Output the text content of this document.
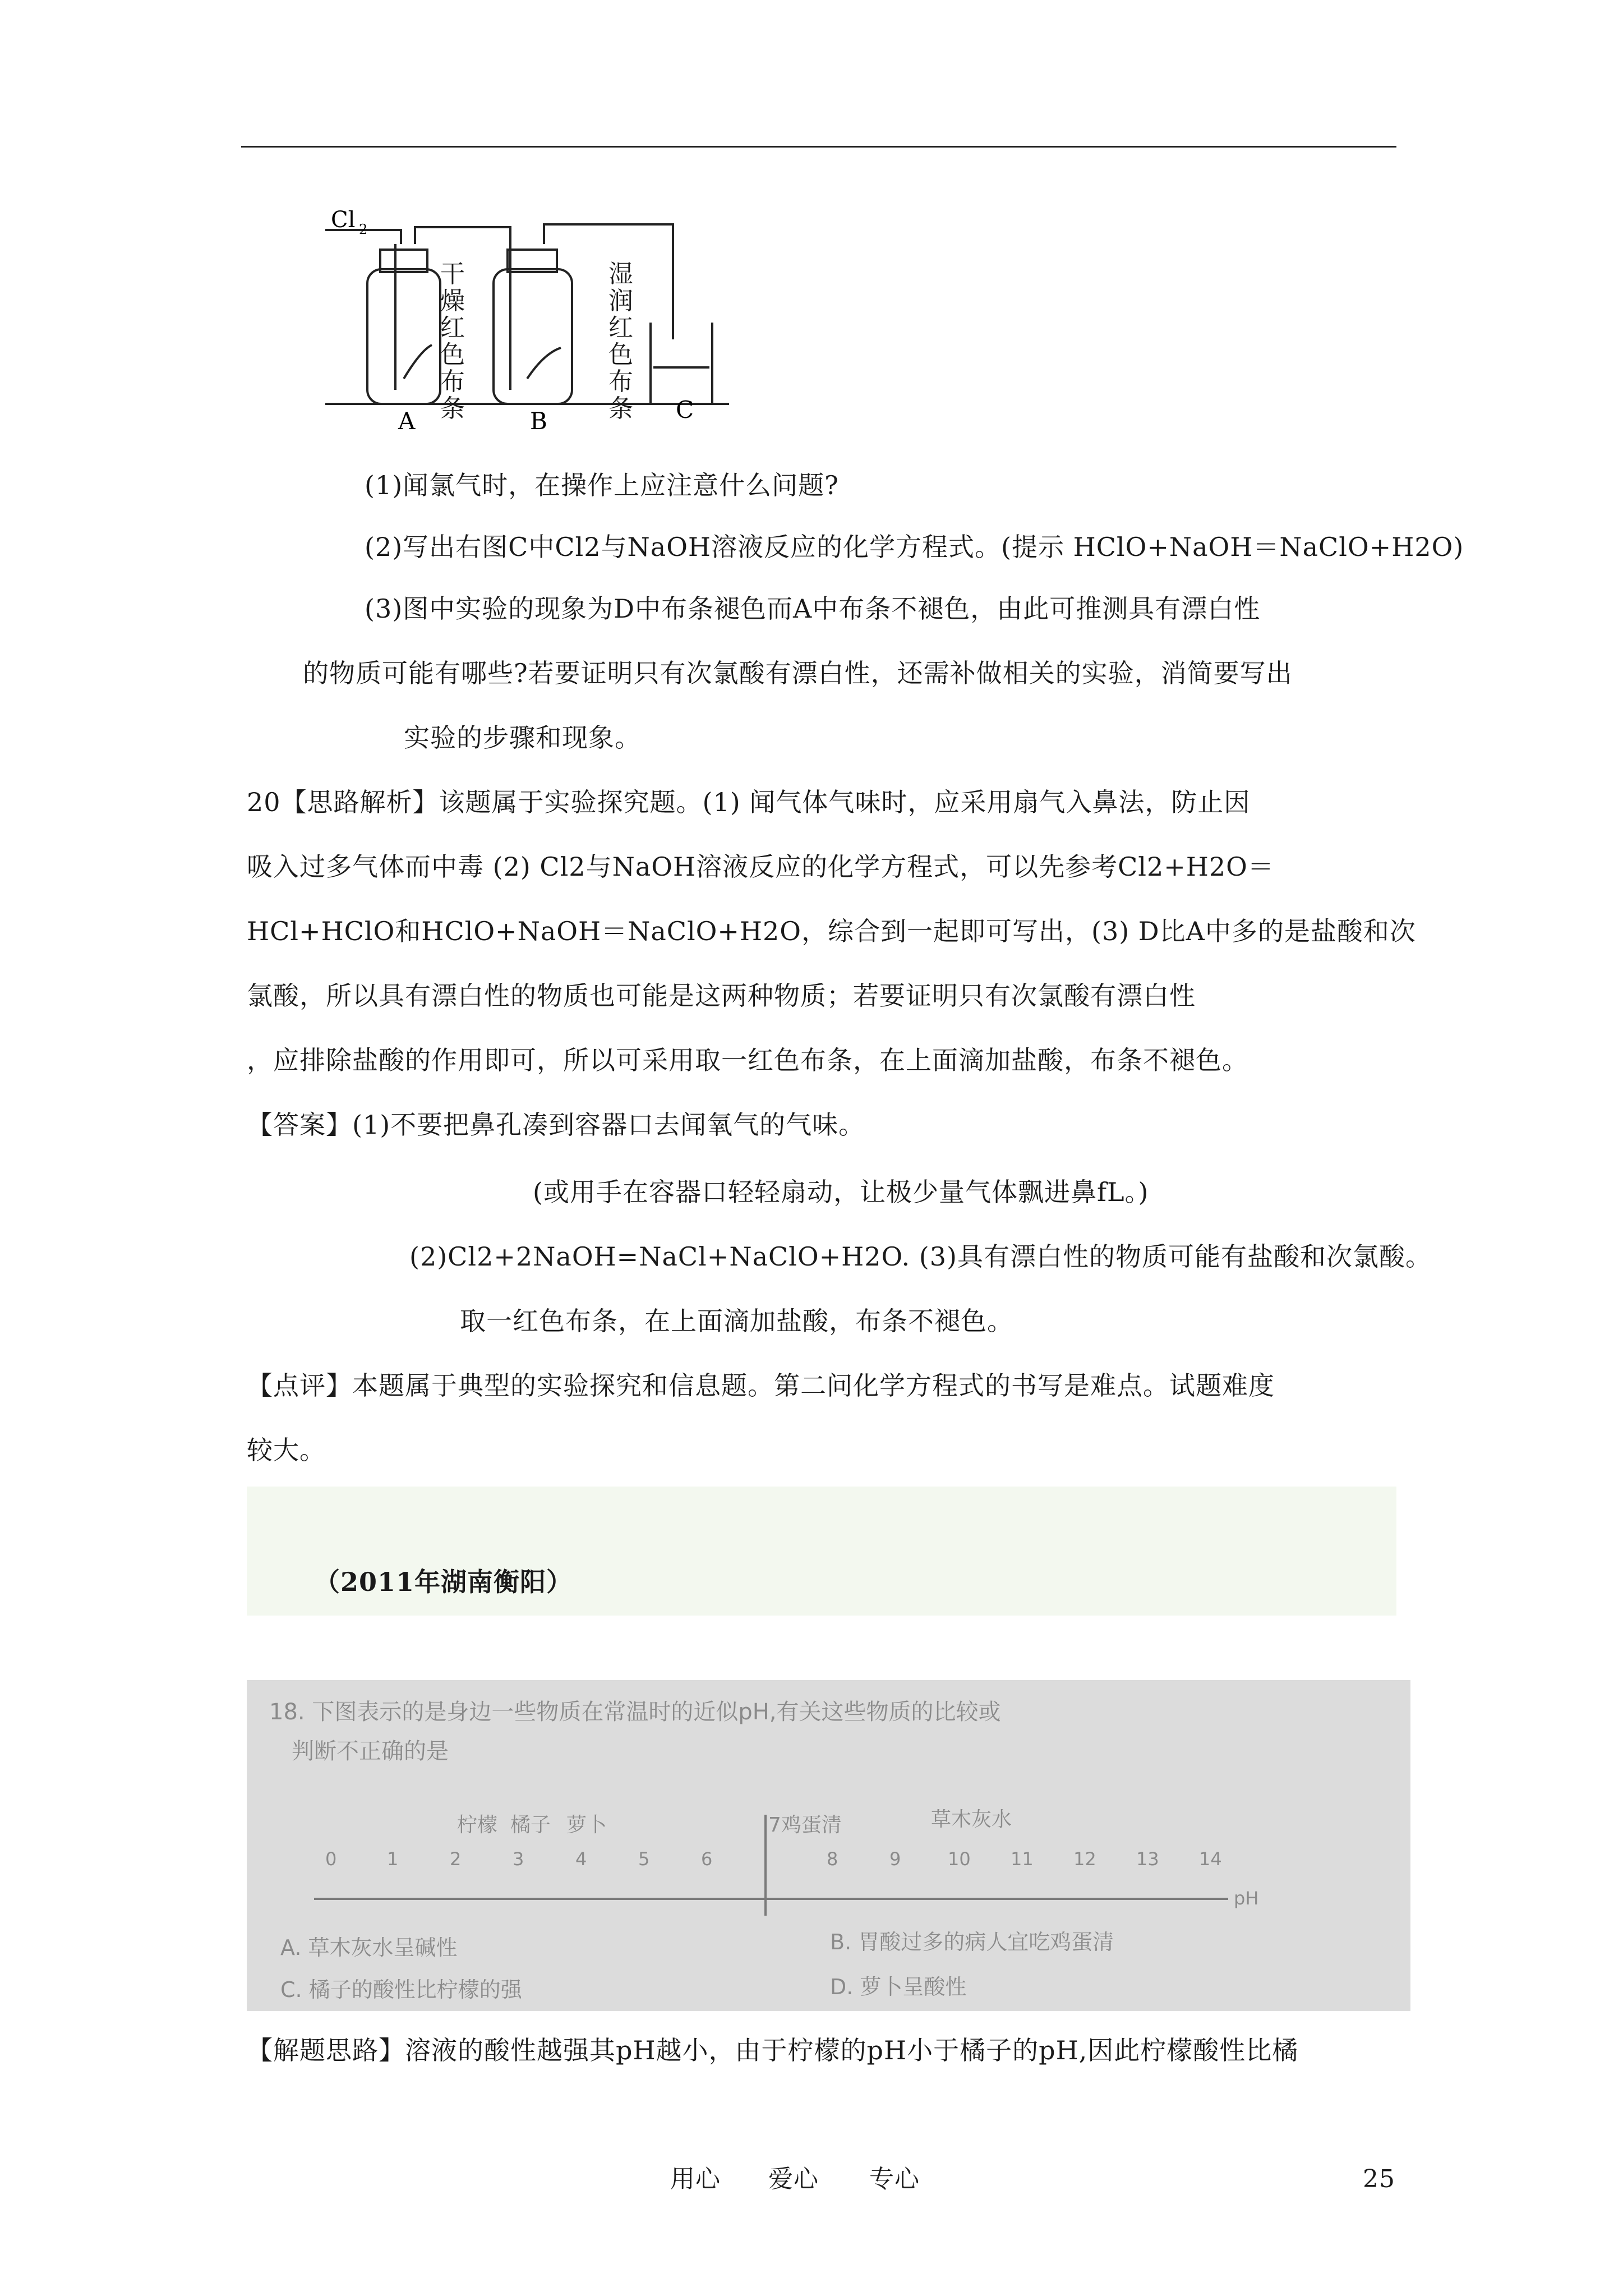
Cl 2
A	B	C
干燥红色布条
湿润红色布条
(1)闻氯气时，在操作上应注意什么问题?
(2)写出右图C中Cl2与NaOH溶液反应的化学方程式。(提示 HClO+NaOH＝NaClO+H2O)
(3)图中实验的现象为D中布条褪色而A中布条不褪色，由此可推测具有漂白性
的物质可能有哪些?若要证明只有次氯酸有漂白性，还需补做相关的实验，消简要写出
实验的步骤和现象。
20【思路解析】该题属于实验探究题。(1) 闻气体气味时，应采用扇气入鼻法，防止因
吸入过多气体而中毒 (2) Cl2与NaOH溶液反应的化学方程式，可以先参考Cl2+H2O＝
HCl+HClO和HClO+NaOH＝NaClO+H2O，综合到一起即可写出，(3) D比A中多的是盐酸和次
氯酸，所以具有漂白性的物质也可能是这两种物质；若要证明只有次氯酸有漂白性
，应排除盐酸的作用即可，所以可采用取一红色布条，在上面滴加盐酸，布条不褪色。
【答案】(1)不要把鼻孔凑到容器口去闻氧气的气味。
(或用手在容器口轻轻扇动，让极少量气体飘进鼻fL。)
(2)Cl2+2NaOH=NaCl+NaClO+H2O. (3)具有漂白性的物质可能有盐酸和次氯酸。
取一红色布条，在上面滴加盐酸，布条不褪色。
【点评】本题属于典型的实验探究和信息题。第二问化学方程式的书写是难点。试题难度
较大。
（2011年湖南衡阳）
18. 下图表示的是身边一些物质在常温时的近似pH,有关这些物质的比较或
判断不正确的是
柠檬 橘子 萝卜	7鸡蛋清	草木灰水
0	1	2	3	4	5	6	8	9	10 11 12 13 14
pH
A. 草木灰水呈碱性	B. 胃酸过多的病人宜吃鸡蛋清
C. 橘子的酸性比柠檬的强	D. 萝卜呈酸性
【解题思路】溶液的酸性越强其pH越小，由于柠檬的pH小于橘子的pH,因此柠檬酸性比橘
用心 爱心 专心	25
